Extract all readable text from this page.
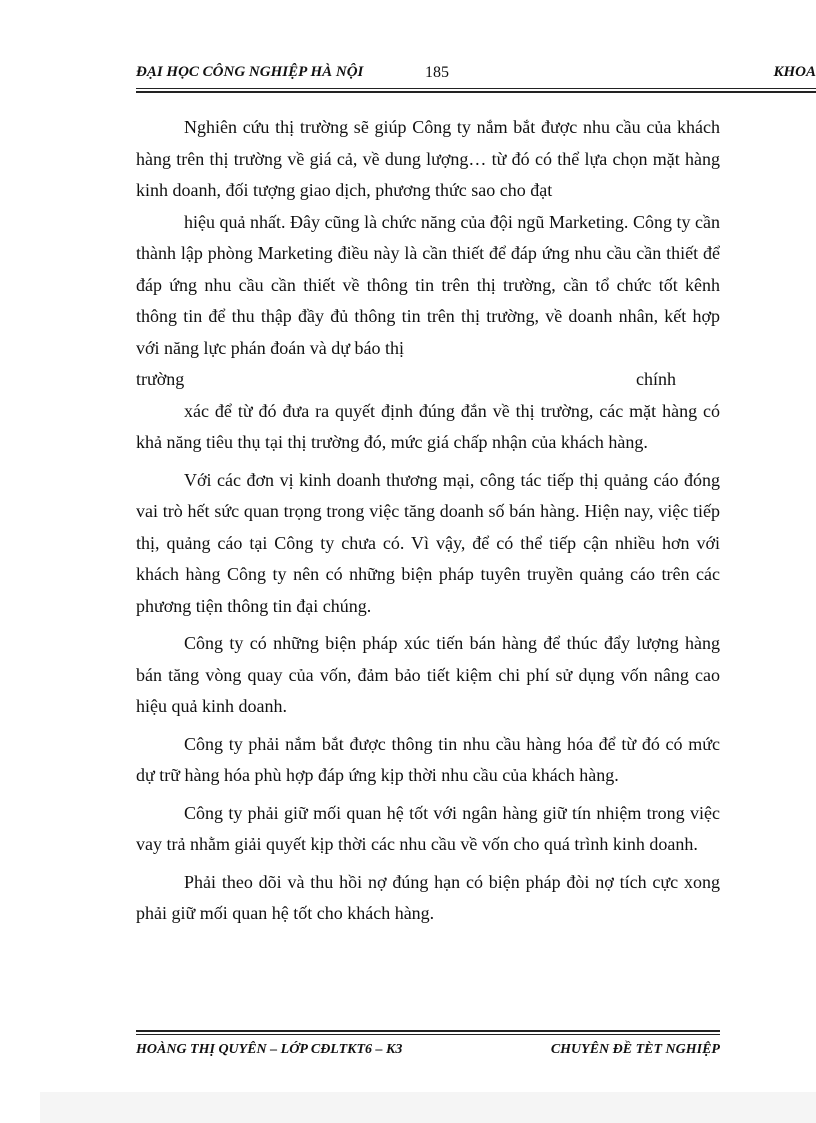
ĐẠI HỌC CÔNG NGHIỆP HÀ NỘI	185	KHOA

Nghiên cứu thị trường sẽ giúp Công ty nắm bắt được nhu cầu của khách hàng trên thị trường về giá cả, về dung lượng… từ đó có thể lựa chọn mặt hàng kinh doanh, đối tượng giao dịch, phương thức sao cho đạt

hiệu quả nhất. Đây cũng là chức năng của đội ngũ Marketing. Công ty cần thành lập phòng Marketing điều này là cần thiết để đáp ứng nhu cầu cần thiết để đáp ứng nhu cầu cần thiết về thông tin trên thị trường, cần tổ chức tốt kênh thông tin để thu thập đầy đủ thông tin trên thị trường, về doanh nhân, kết hợp với năng lực phán đoán và dự báo thị

trường	chính

xác để từ đó đưa ra quyết định đúng đắn về thị trường, các mặt hàng có khả năng tiêu thụ tại thị trường đó, mức giá chấp nhận của khách hàng.

Với các đơn vị kinh doanh thương mại, công tác tiếp thị quảng cáo đóng vai trò hết sức quan trọng trong việc tăng doanh số bán hàng. Hiện nay, việc tiếp thị, quảng cáo tại Công ty chưa có. Vì vậy, để có thể tiếp cận nhiều hơn với khách hàng Công ty nên có những biện pháp tuyên truyền quảng cáo trên các phương tiện thông tin đại chúng.

Công ty có những biện pháp xúc tiến bán hàng để thúc đẩy lượng hàng bán tăng vòng quay của vốn, đảm bảo tiết kiệm chi phí sử dụng vốn nâng cao hiệu quả kinh doanh.

Công ty phải nắm bắt được thông tin nhu cầu hàng hóa để từ đó có mức dự trữ hàng hóa phù hợp đáp ứng kịp thời nhu cầu của khách hàng.

Công ty phải giữ mối quan hệ tốt với ngân hàng giữ tín nhiệm trong việc vay trả nhằm giải quyết kịp thời các nhu cầu về vốn cho quá trình kinh doanh.

Phải theo dõi và thu hồi nợ đúng hạn có biện pháp đòi nợ tích cực xong phải giữ mối quan hệ tốt cho khách hàng.

HOÀNG THỊ QUYÊN – LỚP CĐLTKT6 – K3	CHUYÊN ĐỀ TÈT NGHIỆP
